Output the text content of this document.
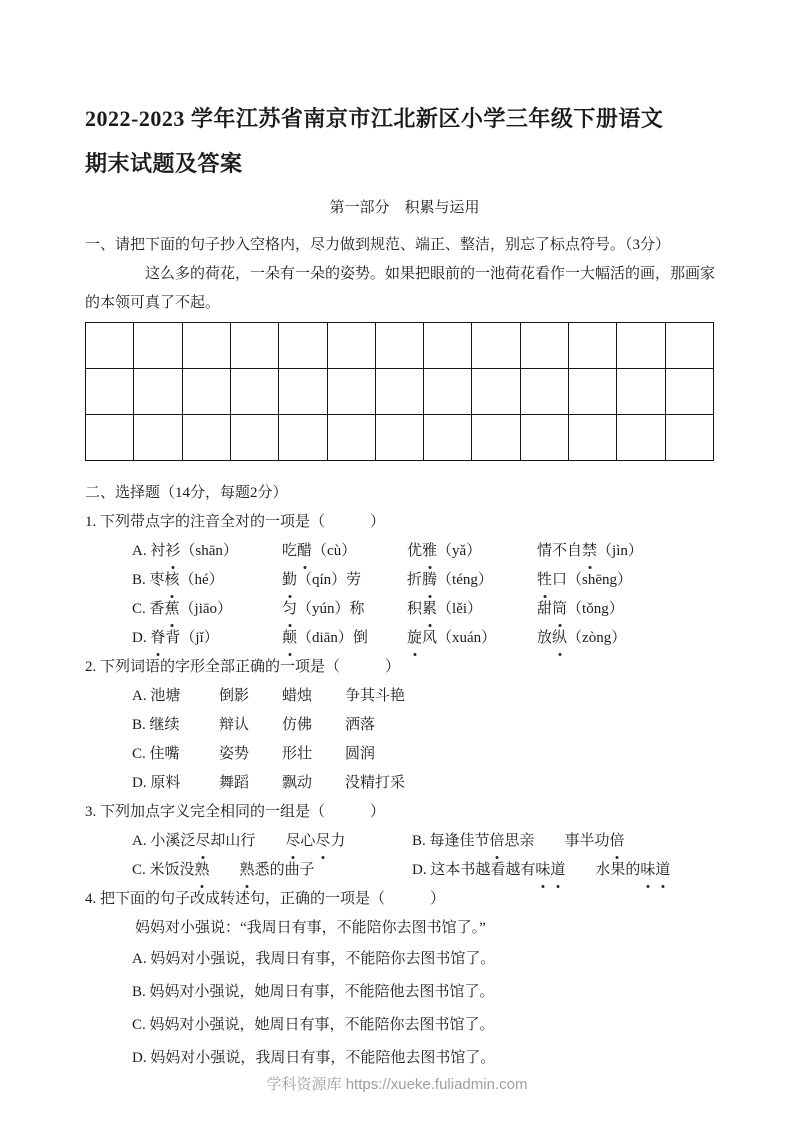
2022-2023 学年江苏省南京市江北新区小学三年级下册语文
期末试题及答案
第一部分　积累与运用
一、请把下面的句子抄入空格内，尽力做到规范、端正、整洁，别忘了标点符号。（3分）
这么多的荷花，一朵有一朵的姿势。如果把眼前的一池荷花看作一大幅活的画，那画家
的本领可真了不起。
二、选择题（14分，每题2分）
1. 下列带点字的注音全对的一项是（　　　）
A. 衬衫（shān）	吃醋（cù）	优雅（yǎ）	情不自禁（jìn）
B. 枣核（hé）	勤（qín）劳	折腾（téng）	牲口（shēng）
C. 香蕉（jiāo）	匀（yún）称	积累（lěi）	甜筒（tǒng）
D. 脊背（jǐ）	颠（diān）倒	旋风（xuán）	放纵（zòng）
2. 下列词语的字形全部正确的一项是（　　　）
A. 池塘	倒影	蜡烛	争其斗艳
B. 继续	辩认	仿佛	洒落
C. 住嘴	姿势	形壮	圆润
D. 原料	舞蹈	飘动	没精打采
3. 下列加点字义完全相同的一组是（　　　）
A. 小溪泛尽却山行　　尽心尽力	B. 每逢佳节倍思亲　　事半功倍
C. 米饭没熟　　 熟悉的曲子	D. 这本书越看越有味道　　水果的味道
4. 把下面的句子改成转述句，正确的一项是（　　　）
妈妈对小强说：“我周日有事，不能陪你去图书馆了。”
A. 妈妈对小强说，我周日有事，不能陪你去图书馆了。
B. 妈妈对小强说，她周日有事，不能陪他去图书馆了。
C. 妈妈对小强说，她周日有事，不能陪你去图书馆了。
D. 妈妈对小强说，我周日有事，不能陪他去图书馆了。
学科资源库 https://xueke.fuliadmin.com
